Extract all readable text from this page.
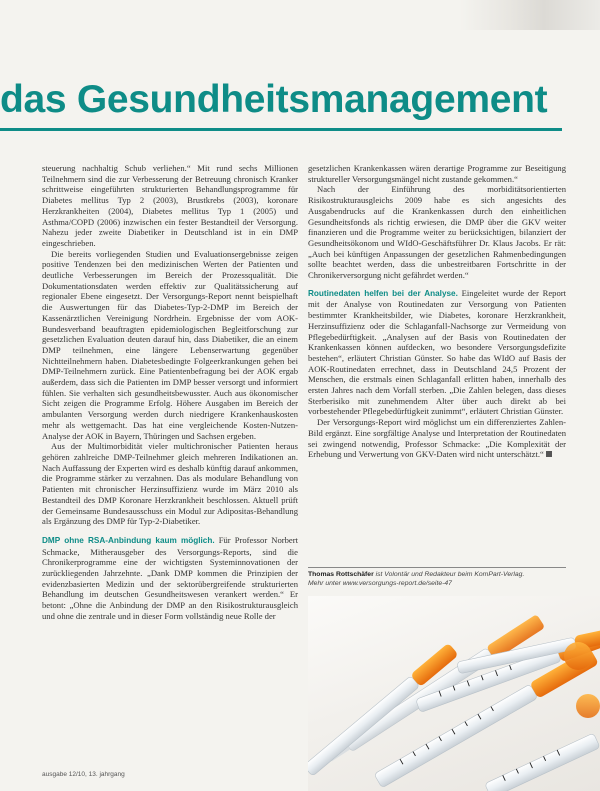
das Gesundheitsmanagement

steuerung nachhaltig Schub verliehen.“ Mit rund sechs Millionen Teilnehmern sind die zur Verbesserung der Betreuung chronisch Kranker schrittweise eingeführten strukturierten Behandlungsprogramme für Diabetes mellitus Typ 2 (2003), Brustkrebs (2003), koronare Herzkrankheiten (2004), Diabetes mellitus Typ 1 (2005) und Asthma/COPD (2006) inzwischen ein fester Bestandteil der Versorgung. Nahezu jeder zweite Diabetiker in Deutschland ist in ein DMP eingeschrieben.

Die bereits vorliegenden Studien und Evaluationsergebnisse zeigen positive Tendenzen bei den medizinischen Werten der Patienten und deutliche Verbesserungen im Bereich der Prozessqualität. Die Dokumentationsdaten werden effektiv zur Qualitätssicherung auf regionaler Ebene eingesetzt. Der Versorgungs-Report nennt beispielhaft die Auswertungen für das Diabetes-Typ-2-DMP im Bereich der Kassenärztlichen Vereinigung Nordrhein. Ergebnisse der vom AOK-Bundesverband beauftragten epidemiologischen Begleitforschung zur gesetzlichen Evaluation deuten darauf hin, dass Diabetiker, die an einem DMP teilnehmen, eine längere Lebenserwartung gegenüber Nichtteilnehmern haben. Diabetesbedingte Folgeerkrankungen gehen bei DMP-Teilnehmern zurück. Eine Patientenbefragung bei der AOK ergab außerdem, dass sich die Patienten im DMP besser versorgt und informiert fühlen. Sie verhalten sich gesundheitsbewusster. Auch aus ökonomischer Sicht zeigen die Programme Erfolg. Höhere Ausgaben im Bereich der ambulanten Versorgung werden durch niedrigere Krankenhauskosten mehr als wettgemacht. Das hat eine vergleichende Kosten-Nutzen-Analyse der AOK in Bayern, Thüringen und Sachsen ergeben.

Aus der Multimorbidität vieler multichronischer Patienten heraus gehören zahlreiche DMP-Teilnehmer gleich mehreren Indikationen an. Nach Auffassung der Experten wird es deshalb künftig darauf ankommen, die Programme stärker zu verzahnen. Das als modulare Behandlung von Patienten mit chronischer Herzinsuffizienz wurde im März 2010 als Bestandteil des DMP Koronare Herzkrankheit beschlossen. Aktuell prüft der Gemeinsame Bundesausschuss ein Modul zur Adipositas-Behandlung als Ergänzung des DMP für Typ-2-Diabetiker.

DMP ohne RSA-Anbindung kaum möglich. Für Professor Norbert Schmacke, Mitherausgeber des Versorgungs-Reports, sind die Chronikerprogramme eine der wichtigsten Systeminnovationen der zurückliegenden Jahrzehnte. „Dank DMP kommen die Prinzipien der evidenzbasierten Medizin und der sektorübergreifende strukturierten Behandlung im deutschen Gesundheitswesen verankert werden.“ Er betont: „Ohne die Anbindung der DMP an den Risikostrukturausgleich und ohne die zentrale und in dieser Form vollständig neue Rolle der

gesetzlichen Krankenkassen wären derartige Programme zur Beseitigung struktureller Versorgungsmängel nicht zustande gekommen.“

Nach der Einführung des morbiditätsorientierten Risikostrukturausgleichs 2009 habe es sich angesichts des Ausgabendrucks auf die Krankenkassen durch den einheitlichen Gesundheitsfonds als richtig erwiesen, die DMP über die GKV weiter finanzieren und die Programme weiter zu berücksichtigen, bilanziert der Gesundheitsökonom und WIdO-Geschäftsführer Dr. Klaus Jacobs. Er rät: „Auch bei künftigen Anpassungen der gesetzlichen Rahmenbedingungen sollte beachtet werden, dass die unbestreitbaren Fortschritte in der Chronikerversorgung nicht gefährdet werden.“

Routinedaten helfen bei der Analyse. Eingeleitet wurde der Report mit der Analyse von Routinedaten zur Versorgung von Patienten bestimmter Krankheitsbilder, wie Diabetes, koronare Herzkrankheit, Herzinsuffizienz oder die Schlaganfall-Nachsorge zur Vermeidung von Pflegebedürftigkeit. „Analysen auf der Basis von Routinedaten der Krankenkassen können aufdecken, wo besondere Versorgungsdefizite bestehen“, erläutert Christian Günster. So habe das WIdO auf Basis der AOK-Routinedaten errechnet, dass in Deutschland 24,5 Prozent der Menschen, die erstmals einen Schlaganfall erlitten haben, innerhalb des ersten Jahres nach dem Vorfall sterben. „Die Zahlen belegen, dass dieses Sterberisiko mit zunehmendem Alter über auch direkt ab bei vorbestehender Pflegebedürftigkeit zunimmt“, erläutert Christian Günster.

Der Versorgungs-Report wird möglichst um ein differenziertes Zahlen-Bild ergänzt. Eine sorgfältige Analyse und Interpretation der Routinedaten sei zwingend notwendig, Professor Schmacke: „Die Komplexität der Erhebung und Verwertung von GKV-Daten wird nicht unterschätzt.“

Thomas Rottschäfer ist Volontär und Redakteur beim KomPart-Verlag.
Mehr unter www.versorgungs-report.de/seite-47
ausgabe 12/10, 13. jahrgang
